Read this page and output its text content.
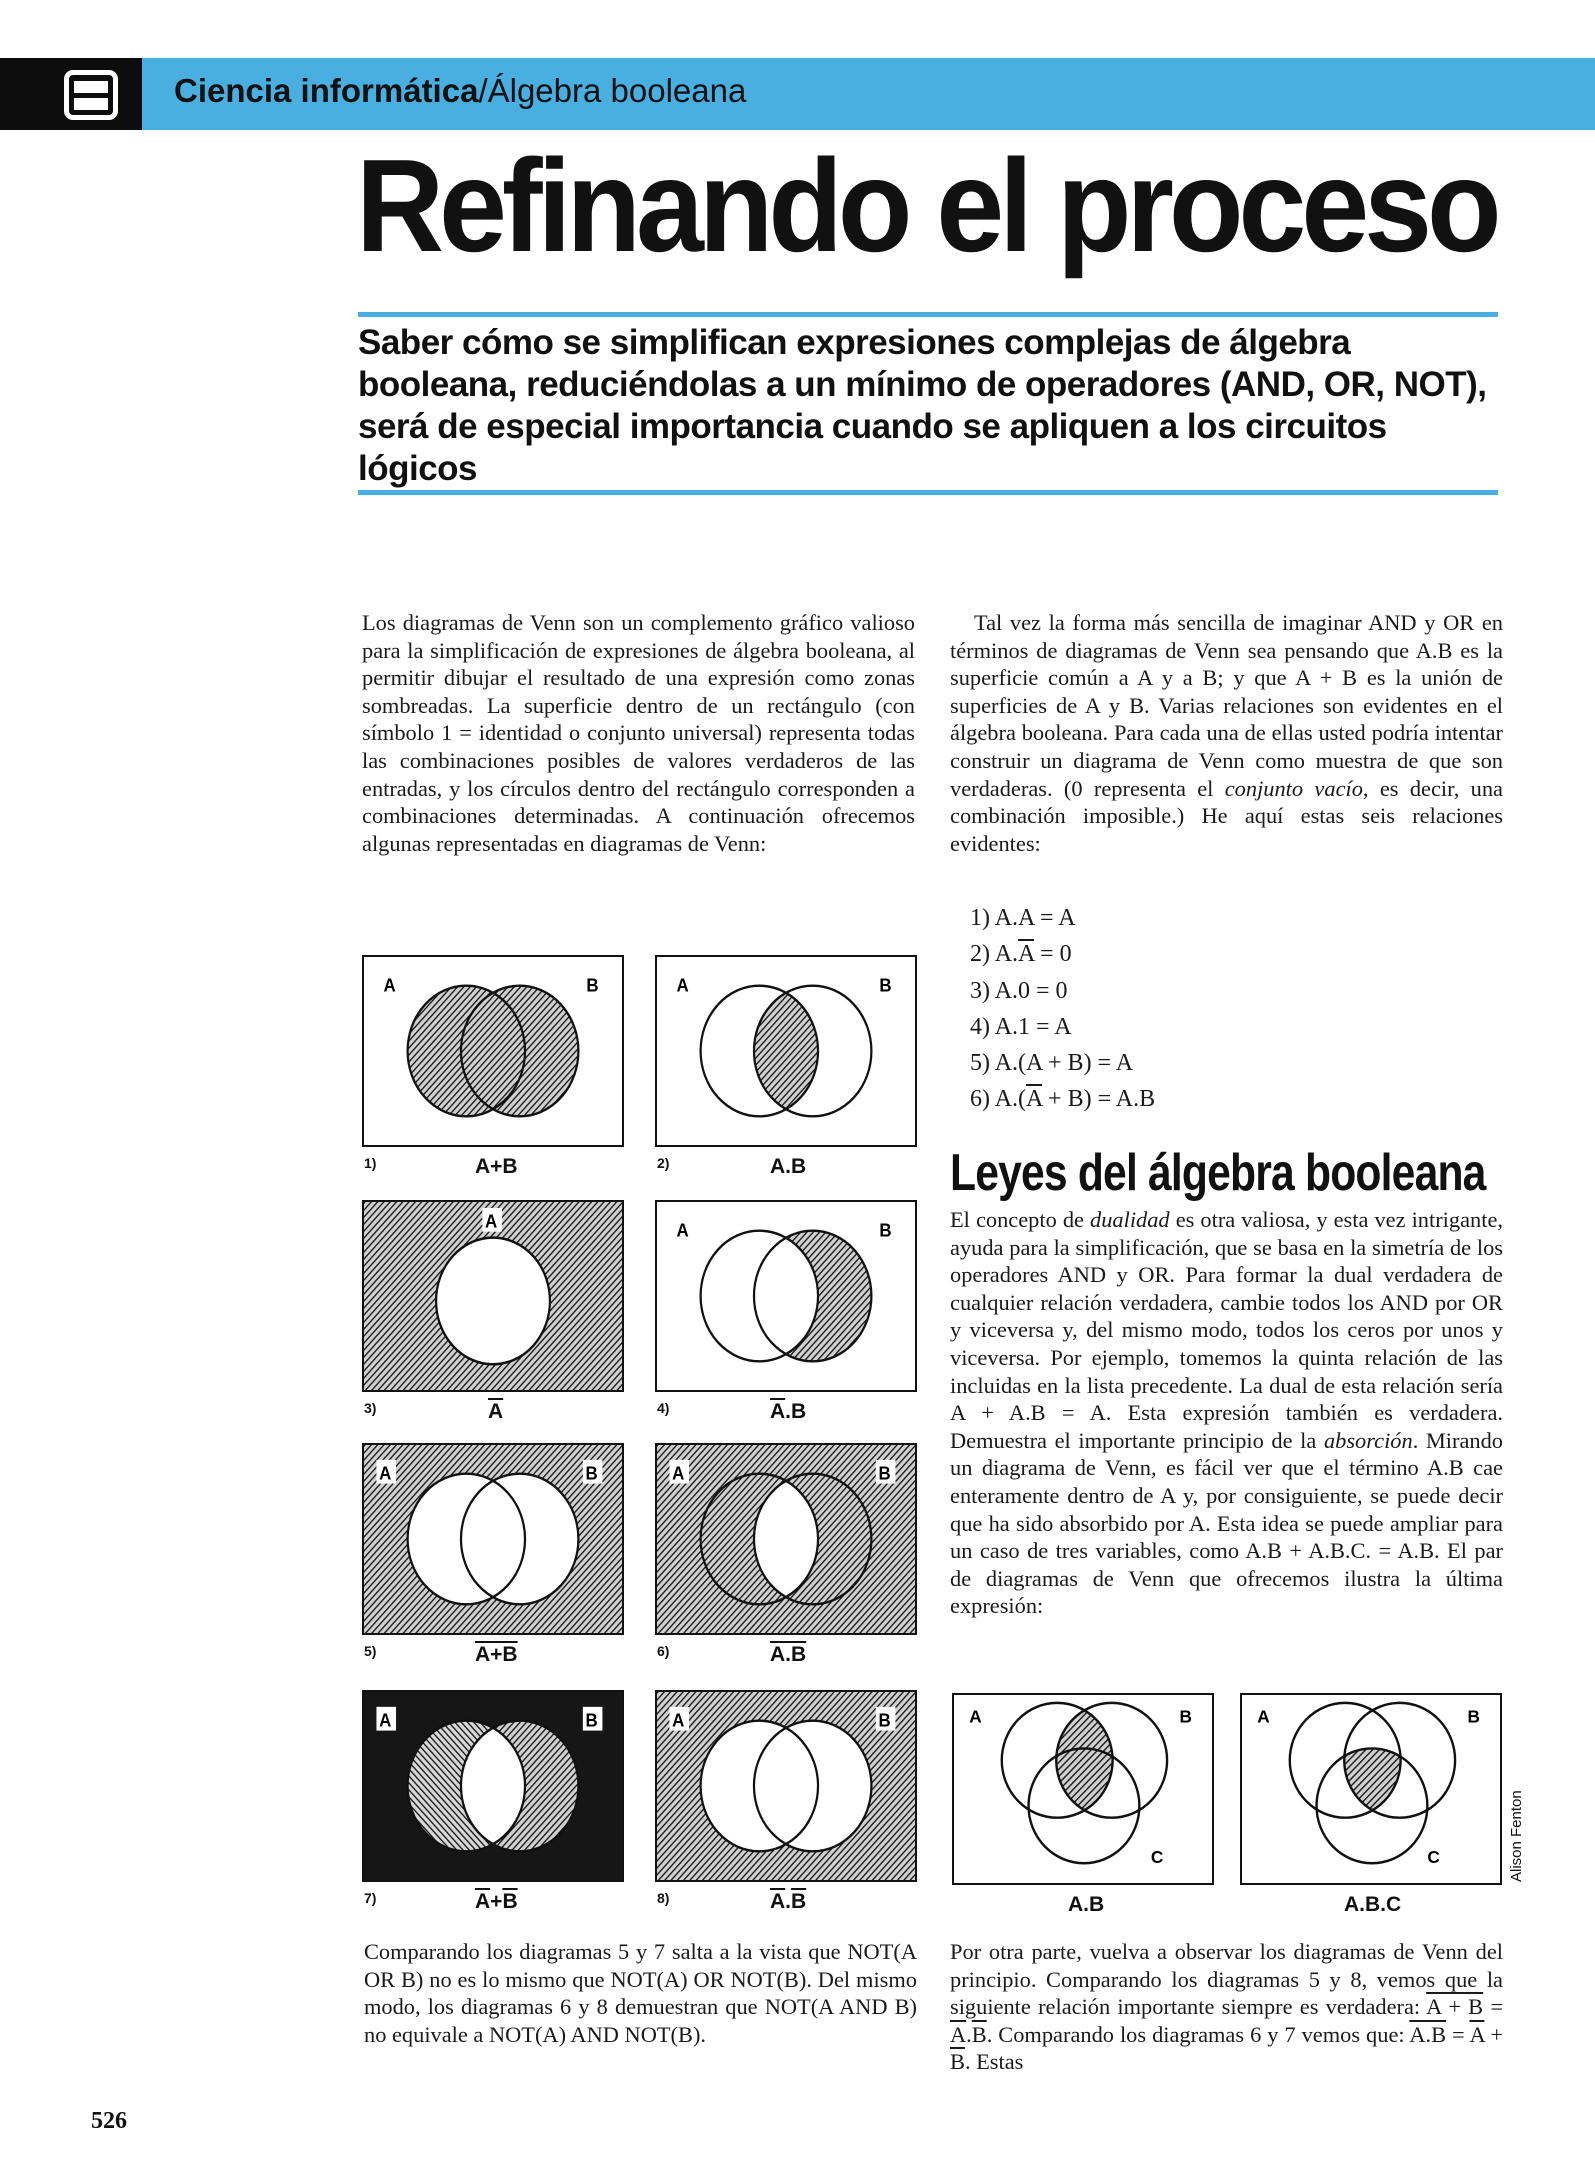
Ciencia informática/Álgebra booleana
Refinando el proceso
Saber cómo se simplifican expresiones complejas de álgebra booleana, reduciéndolas a un mínimo de operadores (AND, OR, NOT), será de especial importancia cuando se apliquen a los circuitos lógicos
Los diagramas de Venn son un complemento gráfico valioso para la simplificación de expresiones de álgebra booleana, al permitir dibujar el resultado de una expresión como zonas sombreadas. La superficie dentro de un rectángulo (con símbolo 1 = identidad o conjunto universal) representa todas las combinaciones posibles de valores verdaderos de las entradas, y los círculos dentro del rectángulo corresponden a combinaciones determinadas. A continuación ofrecemos algunas representadas en diagramas de Venn:
Tal vez la forma más sencilla de imaginar AND y OR en términos de diagramas de Venn sea pensando que A.B es la superficie común a A y a B; y que A + B es la unión de superficies de A y B. Varias relaciones son evidentes en el álgebra booleana. Para cada una de ellas usted podría intentar construir un diagrama de Venn como muestra de que son verdaderas. (0 representa el conjunto vacío, es decir, una combinación imposible.) He aquí estas seis relaciones evidentes:
1) A.A = A
2) $A.\overline{A} = 0$
3) A.0 = 0
4) A.1 = A
5) A.(A + B) = A
6) $A.(\overline{A} + B) = A.B$
Leyes del álgebra booleana
El concepto de dualidad es otra valiosa, y esta vez intrigante, ayuda para la simplificación, que se basa en la simetría de los operadores AND y OR. Para formar la dual verdadera de cualquier relación verdadera, cambie todos los AND por OR y viceversa y, del mismo modo, todos los ceros por unos y viceversa. Por ejemplo, tomemos la quinta relación de las incluidas en la lista precedente. La dual de esta relación sería A + A.B = A. Esta expresión también es verdadera. Demuestra el importante principio de la absorción. Mirando un diagrama de Venn, es fácil ver que el término A.B cae enteramente dentro de A y, por consiguiente, se puede decir que ha sido absorbido por A. Esta idea se puede ampliar para un caso de tres variables, como A.B + A.B.C. = A.B. El par de diagramas de Venn que ofrecemos ilustra la última expresión:
A	B
1)	A+B
A	B
2)	A.B
A
3)	$\overline{A}$
A	B
4)	$\overline{A}.B$
A	B
5)	A+B
A	B
6)	A.B
A	B
7)	$\overline{A}+\overline{B}$
A	B
8)	$\overline{A}.\overline{B}$
A	B
C
A.B
A	B
C
A.B.C
Alison Fenton
Comparando los diagramas 5 y 7 salta a la vista que NOT(A OR B) no es lo mismo que NOT(A) OR NOT(B). Del mismo modo, los diagramas 6 y 8 demuestran que NOT(A AND B) no equivale a NOT(A) AND NOT(B).
Por otra parte, vuelva a observar los diagramas de Venn del principio. Comparando los diagramas 5 y 8, vemos que la siguiente relación importante siempre es verdadera: $A + B = \overline{A}.\overline{B}$. Comparando los diagramas 6 y 7 vemos que: $A.B = \overline{A} + \overline{B}$. Estas
526
